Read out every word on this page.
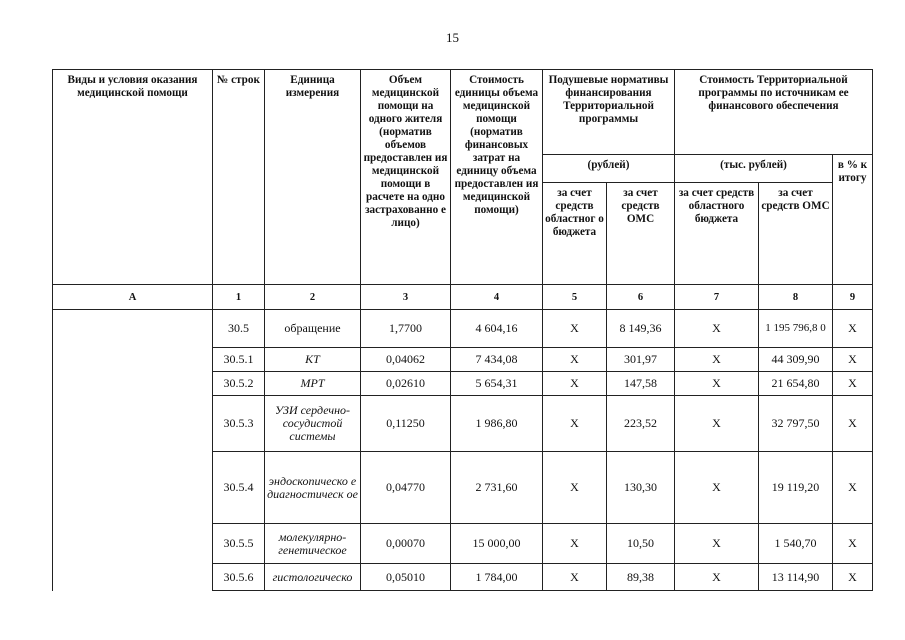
15
Виды и условия оказания медицинской помощи	№ строк	Единица измерения	Объем медицинской помощи на одного жителя (норматив объемов предоставлен ия медицинской помощи в расчете на одно застрахованно е лицо)	Стоимость единицы объема медицинской помощи (норматив финансовых затрат на единицу объема предоставлен ия медицинской помощи)	Подушевые нормативы финансирования Территориальной программы		Стоимость Территориальной программы по источникам ее финансового обеспечения		
					(рублей)		(тыс. рублей)		в % к итогу
					за счет средств областног о бюджета	за счет средств ОМС	за счет средств областного бюджета	за счет средств ОМС	
А	1	2	3	4	5	6	7	8	9
	30.5	обращение	1,7700	4 604,16	Х	8 149,36	Х	1 195 796,8 0	Х
	30.5.1	КТ	0,04062	7 434,08	Х	301,97	Х	44 309,90	Х
	30.5.2	МРТ	0,02610	5 654,31	Х	147,58	Х	21 654,80	Х
	30.5.3	УЗИ сердечно-сосудистой системы	0,11250	1 986,80	Х	223,52	Х	32 797,50	Х
	30.5.4	эндоскопическо е диагностическ ое	0,04770	2 731,60	Х	130,30	Х	19 119,20	Х
	30.5.5	молекулярно-генетическое	0,00070	15 000,00	Х	10,50	Х	1 540,70	Х
	30.5.6	гистологическо	0,05010	1 784,00	Х	89,38	Х	13 114,90	Х
